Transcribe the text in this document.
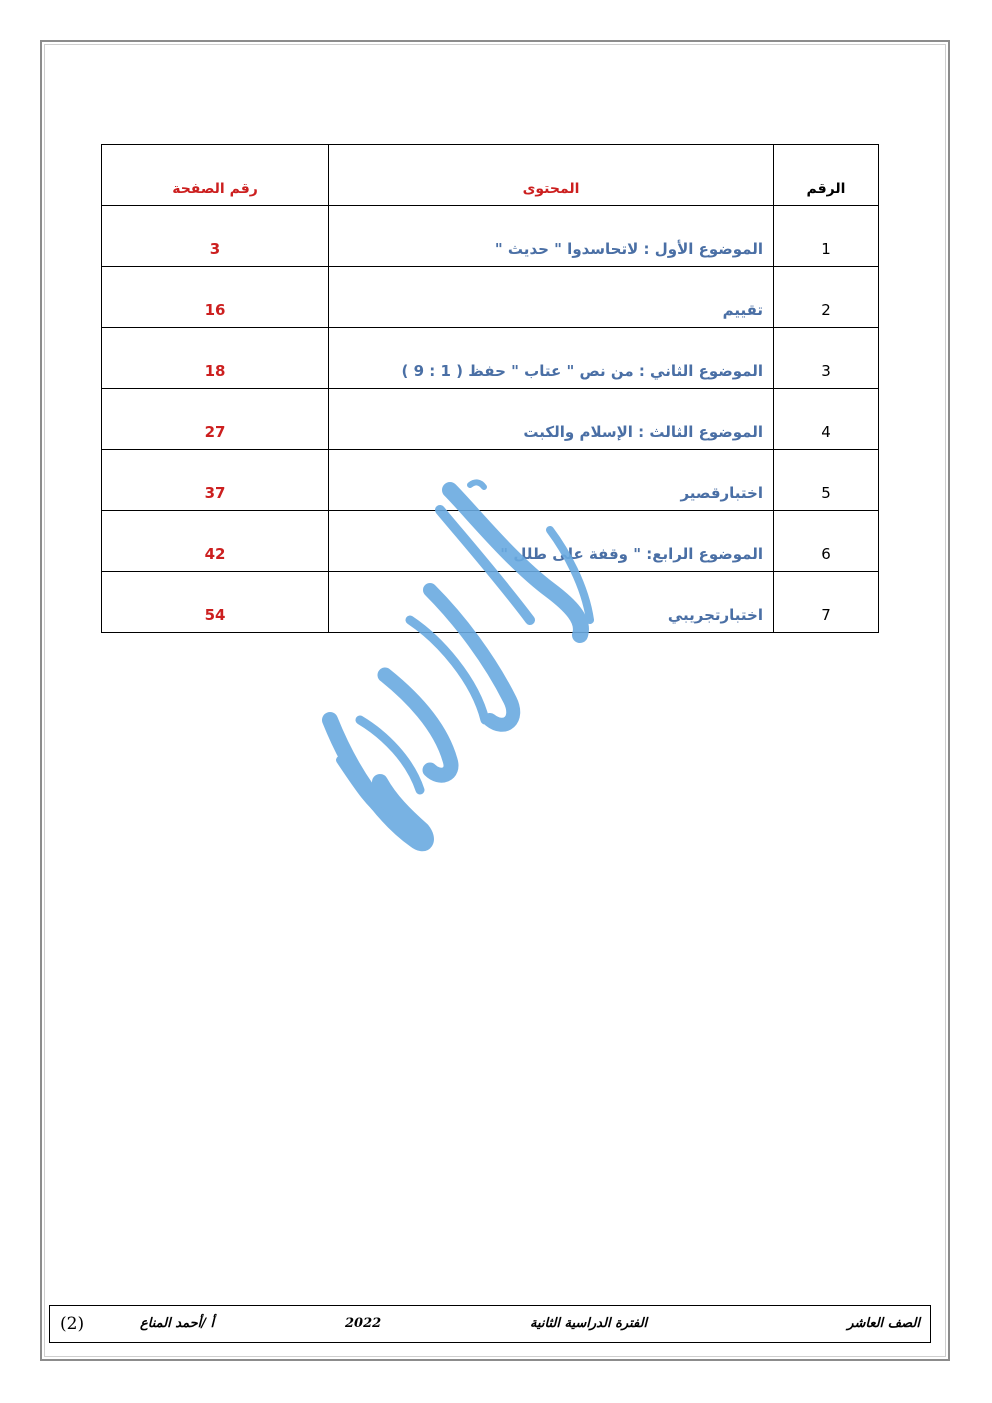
الرقم	المحتوى	رقم الصفحة
1	الموضوع الأول : لاتحاسدوا " حديث "	3
2	تقييم	16
3	الموضوع الثاني : من نص " عتاب " حفظ ( 1 : 9 )	18
4	الموضوع الثالث : الإسلام والكبت	27
5	اختبارقصير	37
6	الموضوع الرابع: " وقفة على طلل "	42
7	اختبارتجريبي	54
الصف العاشر
الفترة الدراسية الثانية
2022
أ /أحمد المناع
(2)
